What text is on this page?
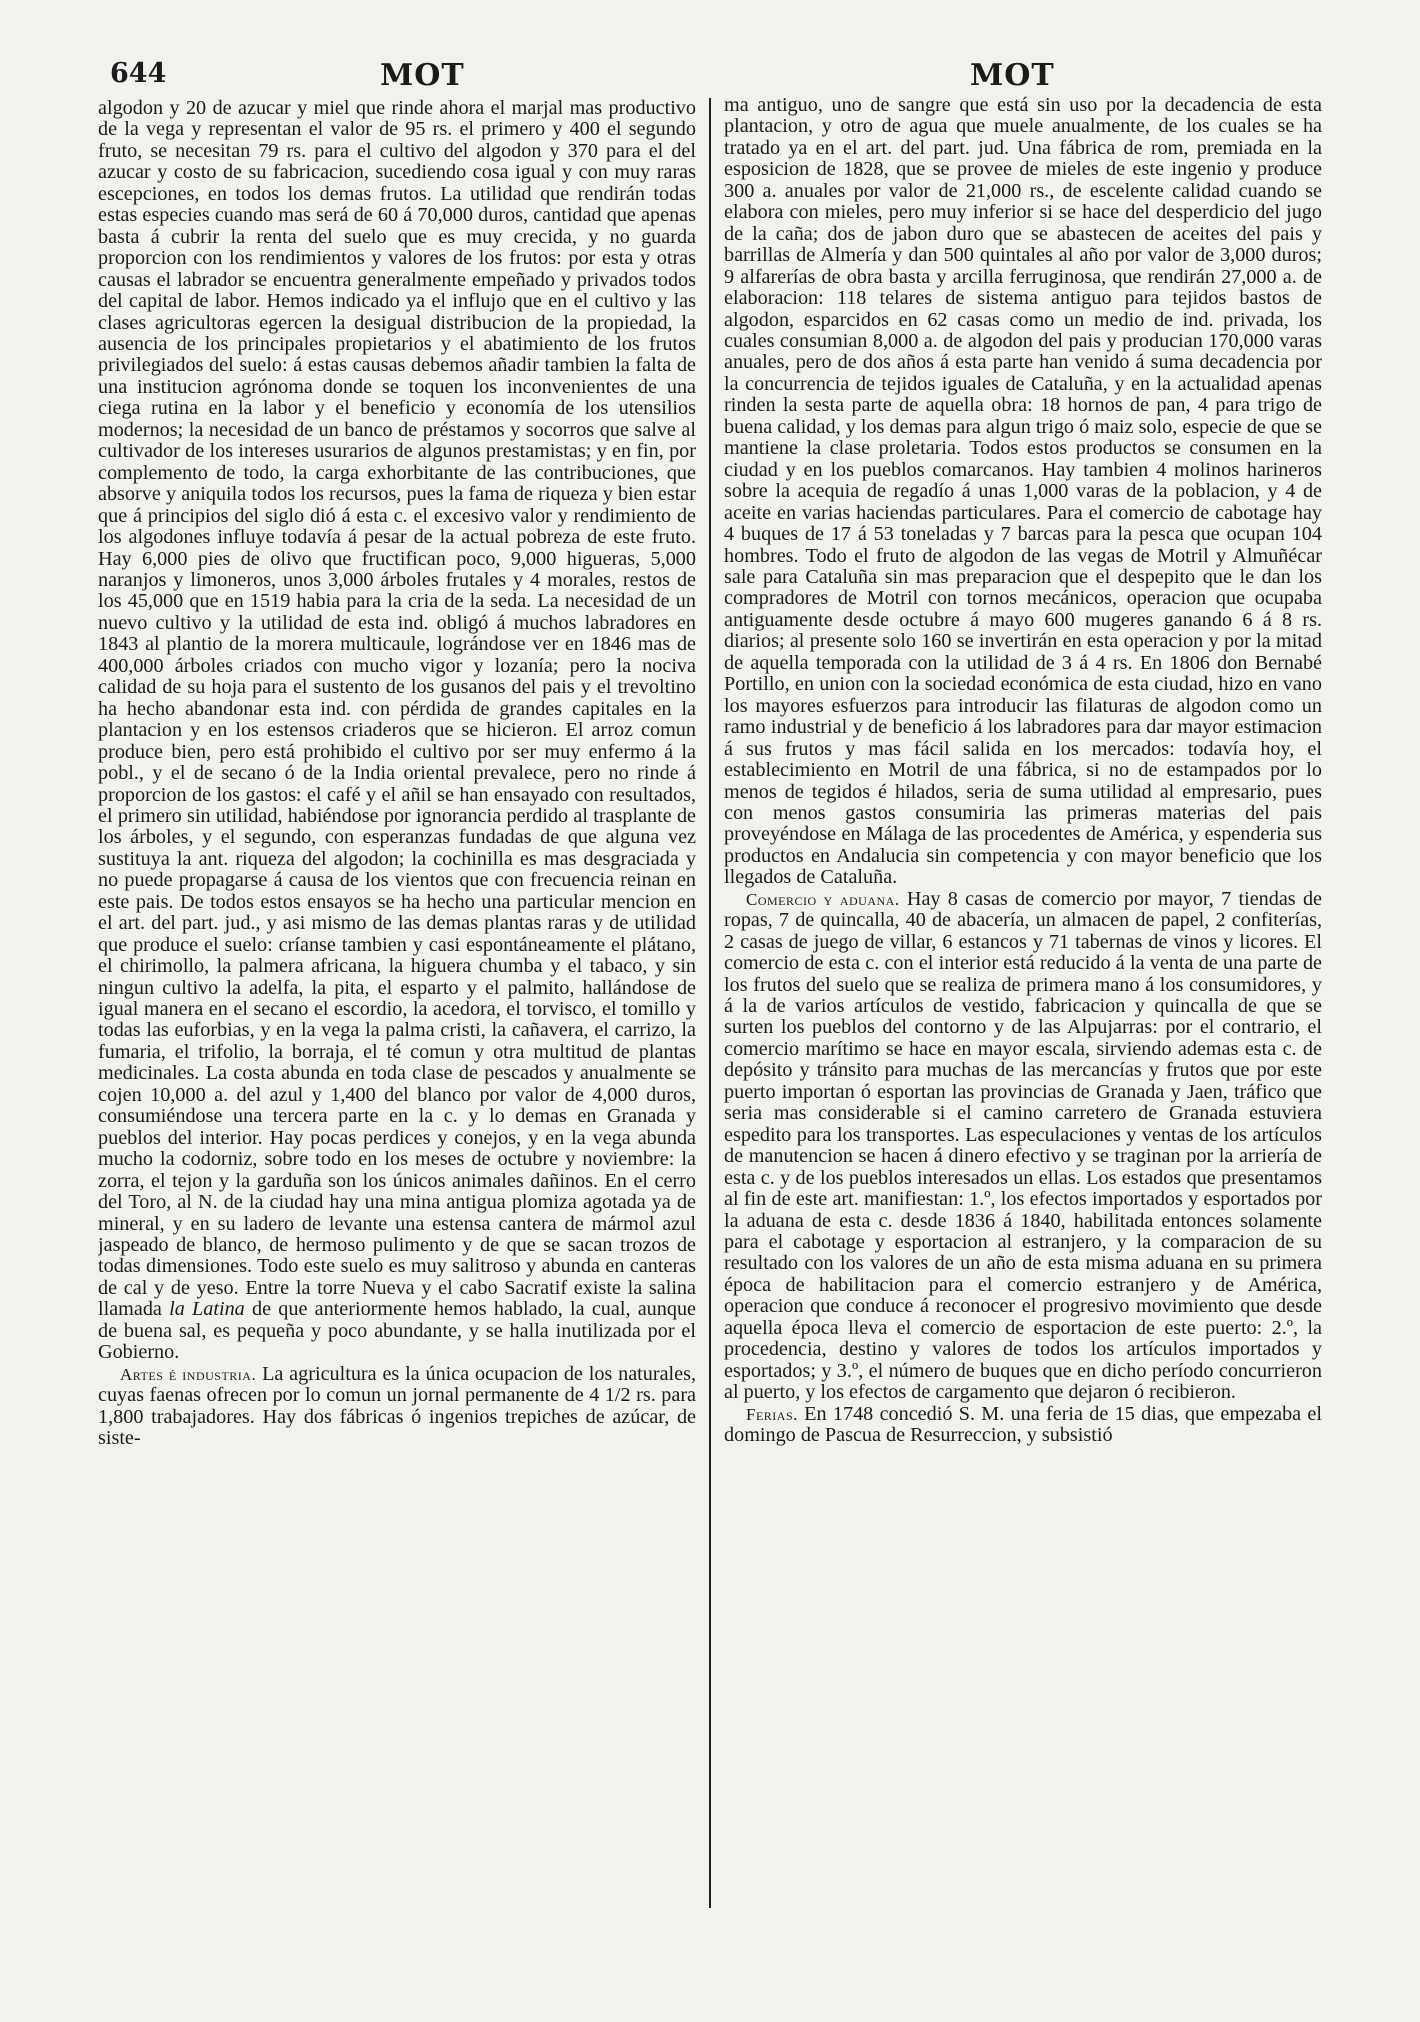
644	MOT	MOT

algodon y 20 de azucar y miel que rinde ahora el marjal mas productivo de la vega y representan el valor de 95 rs. el primero y 400 el segundo fruto, se necesitan 79 rs. para el cultivo del algodon y 370 para el del azucar y costo de su fabricacion, sucediendo cosa igual y con muy raras escepciones, en todos los demas frutos. La utilidad que rendirán todas estas especies cuando mas será de 60 á 70,000 duros, cantidad que apenas basta á cubrir la renta del suelo que es muy crecida, y no guarda proporcion con los rendimientos y valores de los frutos: por esta y otras causas el labrador se encuentra generalmente empeñado y privados todos del capital de labor. Hemos indicado ya el influjo que en el cultivo y las clases agricultoras egercen la desigual distribucion de la propiedad, la ausencia de los principales propietarios y el abatimiento de los frutos privilegiados del suelo: á estas causas debemos añadir tambien la falta de una institucion agrónoma donde se toquen los inconvenientes de una ciega rutina en la labor y el beneficio y economía de los utensilios modernos; la necesidad de un banco de préstamos y socorros que salve al cultivador de los intereses usurarios de algunos prestamistas; y en fin, por complemento de todo, la carga exhorbitante de las contribuciones, que absorve y aniquila todos los recursos, pues la fama de riqueza y bien estar que á principios del siglo dió á esta c. el excesivo valor y rendimiento de los algodones influye todavía á pesar de la actual pobreza de este fruto. Hay 6,000 pies de olivo que fructifican poco, 9,000 higueras, 5,000 naranjos y limoneros, unos 3,000 árboles frutales y 4 morales, restos de los 45,000 que en 1519 habia para la cria de la seda. La necesidad de un nuevo cultivo y la utilidad de esta ind. obligó á muchos labradores en 1843 al plantio de la morera multicaule, lográndose ver en 1846 mas de 400,000 árboles criados con mucho vigor y lozanía; pero la nociva calidad de su hoja para el sustento de los gusanos del pais y el trevoltino ha hecho abandonar esta ind. con pérdida de grandes capitales en la plantacion y en los estensos criaderos que se hicieron. El arroz comun produce bien, pero está prohibido el cultivo por ser muy enfermo á la pobl., y el de secano ó de la India oriental prevalece, pero no rinde á proporcion de los gastos: el café y el añil se han ensayado con resultados, el primero sin utilidad, habiéndose por ignorancia perdido al trasplante de los árboles, y el segundo, con esperanzas fundadas de que alguna vez sustituya la ant. riqueza del algodon; la cochinilla es mas desgraciada y no puede propagarse á causa de los vientos que con frecuencia reinan en este pais. De todos estos ensayos se ha hecho una particular mencion en el art. del part. jud., y asi mismo de las demas plantas raras y de utilidad que produce el suelo: críanse tambien y casi espontáneamente el plátano, el chirimollo, la palmera africana, la higuera chumba y el tabaco, y sin ningun cultivo la adelfa, la pita, el esparto y el palmito, hallándose de igual manera en el secano el escordio, la acedora, el torvisco, el tomillo y todas las euforbias, y en la vega la palma cristi, la cañavera, el carrizo, la fumaria, el trifolio, la borraja, el té comun y otra multitud de plantas medicinales. La costa abunda en toda clase de pescados y anualmente se cojen 10,000 a. del azul y 1,400 del blanco por valor de 4,000 duros, consumiéndose una tercera parte en la c. y lo demas en Granada y pueblos del interior. Hay pocas perdices y conejos, y en la vega abunda mucho la codorniz, sobre todo en los meses de octubre y noviembre: la zorra, el tejon y la garduña son los únicos animales dañinos. En el cerro del Toro, al N. de la ciudad hay una mina antigua plomiza agotada ya de mineral, y en su ladero de levante una estensa cantera de mármol azul jaspeado de blanco, de hermoso pulimento y de que se sacan trozos de todas dimensiones. Todo este suelo es muy salitroso y abunda en canteras de cal y de yeso. Entre la torre Nueva y el cabo Sacratif existe la salina llamada la Latina de que anteriormente hemos hablado, la cual, aunque de buena sal, es pequeña y poco abundante, y se halla inutilizada por el Gobierno.

Artes é industria. La agricultura es la única ocupacion de los naturales, cuyas faenas ofrecen por lo comun un jornal permanente de 4 1/2 rs. para 1,800 trabajadores. Hay dos fábricas ó ingenios trepiches de azúcar, de siste-

ma antiguo, uno de sangre que está sin uso por la decadencia de esta plantacion, y otro de agua que muele anualmente, de los cuales se ha tratado ya en el art. del part. jud. Una fábrica de rom, premiada en la esposicion de 1828, que se provee de mieles de este ingenio y produce 300 a. anuales por valor de 21,000 rs., de escelente calidad cuando se elabora con mieles, pero muy inferior si se hace del desperdicio del jugo de la caña; dos de jabon duro que se abastecen de aceites del pais y barrillas de Almería y dan 500 quintales al año por valor de 3,000 duros; 9 alfarerías de obra basta y arcilla ferruginosa, que rendirán 27,000 a. de elaboracion: 118 telares de sistema antiguo para tejidos bastos de algodon, esparcidos en 62 casas como un medio de ind. privada, los cuales consumian 8,000 a. de algodon del pais y producian 170,000 varas anuales, pero de dos años á esta parte han venido á suma decadencia por la concurrencia de tejidos iguales de Cataluña, y en la actualidad apenas rinden la sesta parte de aquella obra: 18 hornos de pan, 4 para trigo de buena calidad, y los demas para algun trigo ó maiz solo, especie de que se mantiene la clase proletaria. Todos estos productos se consumen en la ciudad y en los pueblos comarcanos. Hay tambien 4 molinos harineros sobre la acequia de regadío á unas 1,000 varas de la poblacion, y 4 de aceite en varias haciendas particulares. Para el comercio de cabotage hay 4 buques de 17 á 53 toneladas y 7 barcas para la pesca que ocupan 104 hombres. Todo el fruto de algodon de las vegas de Motril y Almuñécar sale para Cataluña sin mas preparacion que el despepito que le dan los compradores de Motril con tornos mecánicos, operacion que ocupaba antiguamente desde octubre á mayo 600 mugeres ganando 6 á 8 rs. diarios; al presente solo 160 se invertirán en esta operacion y por la mitad de aquella temporada con la utilidad de 3 á 4 rs. En 1806 don Bernabé Portillo, en union con la sociedad económica de esta ciudad, hizo en vano los mayores esfuerzos para introducir las filaturas de algodon como un ramo industrial y de beneficio á los labradores para dar mayor estimacion á sus frutos y mas fácil salida en los mercados: todavía hoy, el establecimiento en Motril de una fábrica, si no de estampados por lo menos de tegidos é hilados, seria de suma utilidad al empresario, pues con menos gastos consumiria las primeras materias del pais proveyéndose en Málaga de las procedentes de América, y espenderia sus productos en Andalucia sin competencia y con mayor beneficio que los llegados de Cataluña.

Comercio y aduana. Hay 8 casas de comercio por mayor, 7 tiendas de ropas, 7 de quincalla, 40 de abacería, un almacen de papel, 2 confiterías, 2 casas de juego de villar, 6 estancos y 71 tabernas de vinos y licores. El comercio de esta c. con el interior está reducido á la venta de una parte de los frutos del suelo que se realiza de primera mano á los consumidores, y á la de varios artículos de vestido, fabricacion y quincalla de que se surten los pueblos del contorno y de las Alpujarras: por el contrario, el comercio marítimo se hace en mayor escala, sirviendo ademas esta c. de depósito y tránsito para muchas de las mercancías y frutos que por este puerto importan ó esportan las provincias de Granada y Jaen, tráfico que seria mas considerable si el camino carretero de Granada estuviera espedito para los transportes. Las especulaciones y ventas de los artículos de manutencion se hacen á dinero efectivo y se traginan por la arriería de esta c. y de los pueblos interesados un ellas. Los estados que presentamos al fin de este art. manifiestan: 1.º, los efectos importados y esportados por la aduana de esta c. desde 1836 á 1840, habilitada entonces solamente para el cabotage y esportacion al estranjero, y la comparacion de su resultado con los valores de un año de esta misma aduana en su primera época de habilitacion para el comercio estranjero y de América, operacion que conduce á reconocer el progresivo movimiento que desde aquella época lleva el comercio de esportacion de este puerto: 2.º, la procedencia, destino y valores de todos los artículos importados y esportados; y 3.º, el número de buques que en dicho período concurrieron al puerto, y los efectos de cargamento que dejaron ó recibieron.

Ferias. En 1748 concedió S. M. una feria de 15 dias, que empezaba el domingo de Pascua de Resurreccion, y subsistió
